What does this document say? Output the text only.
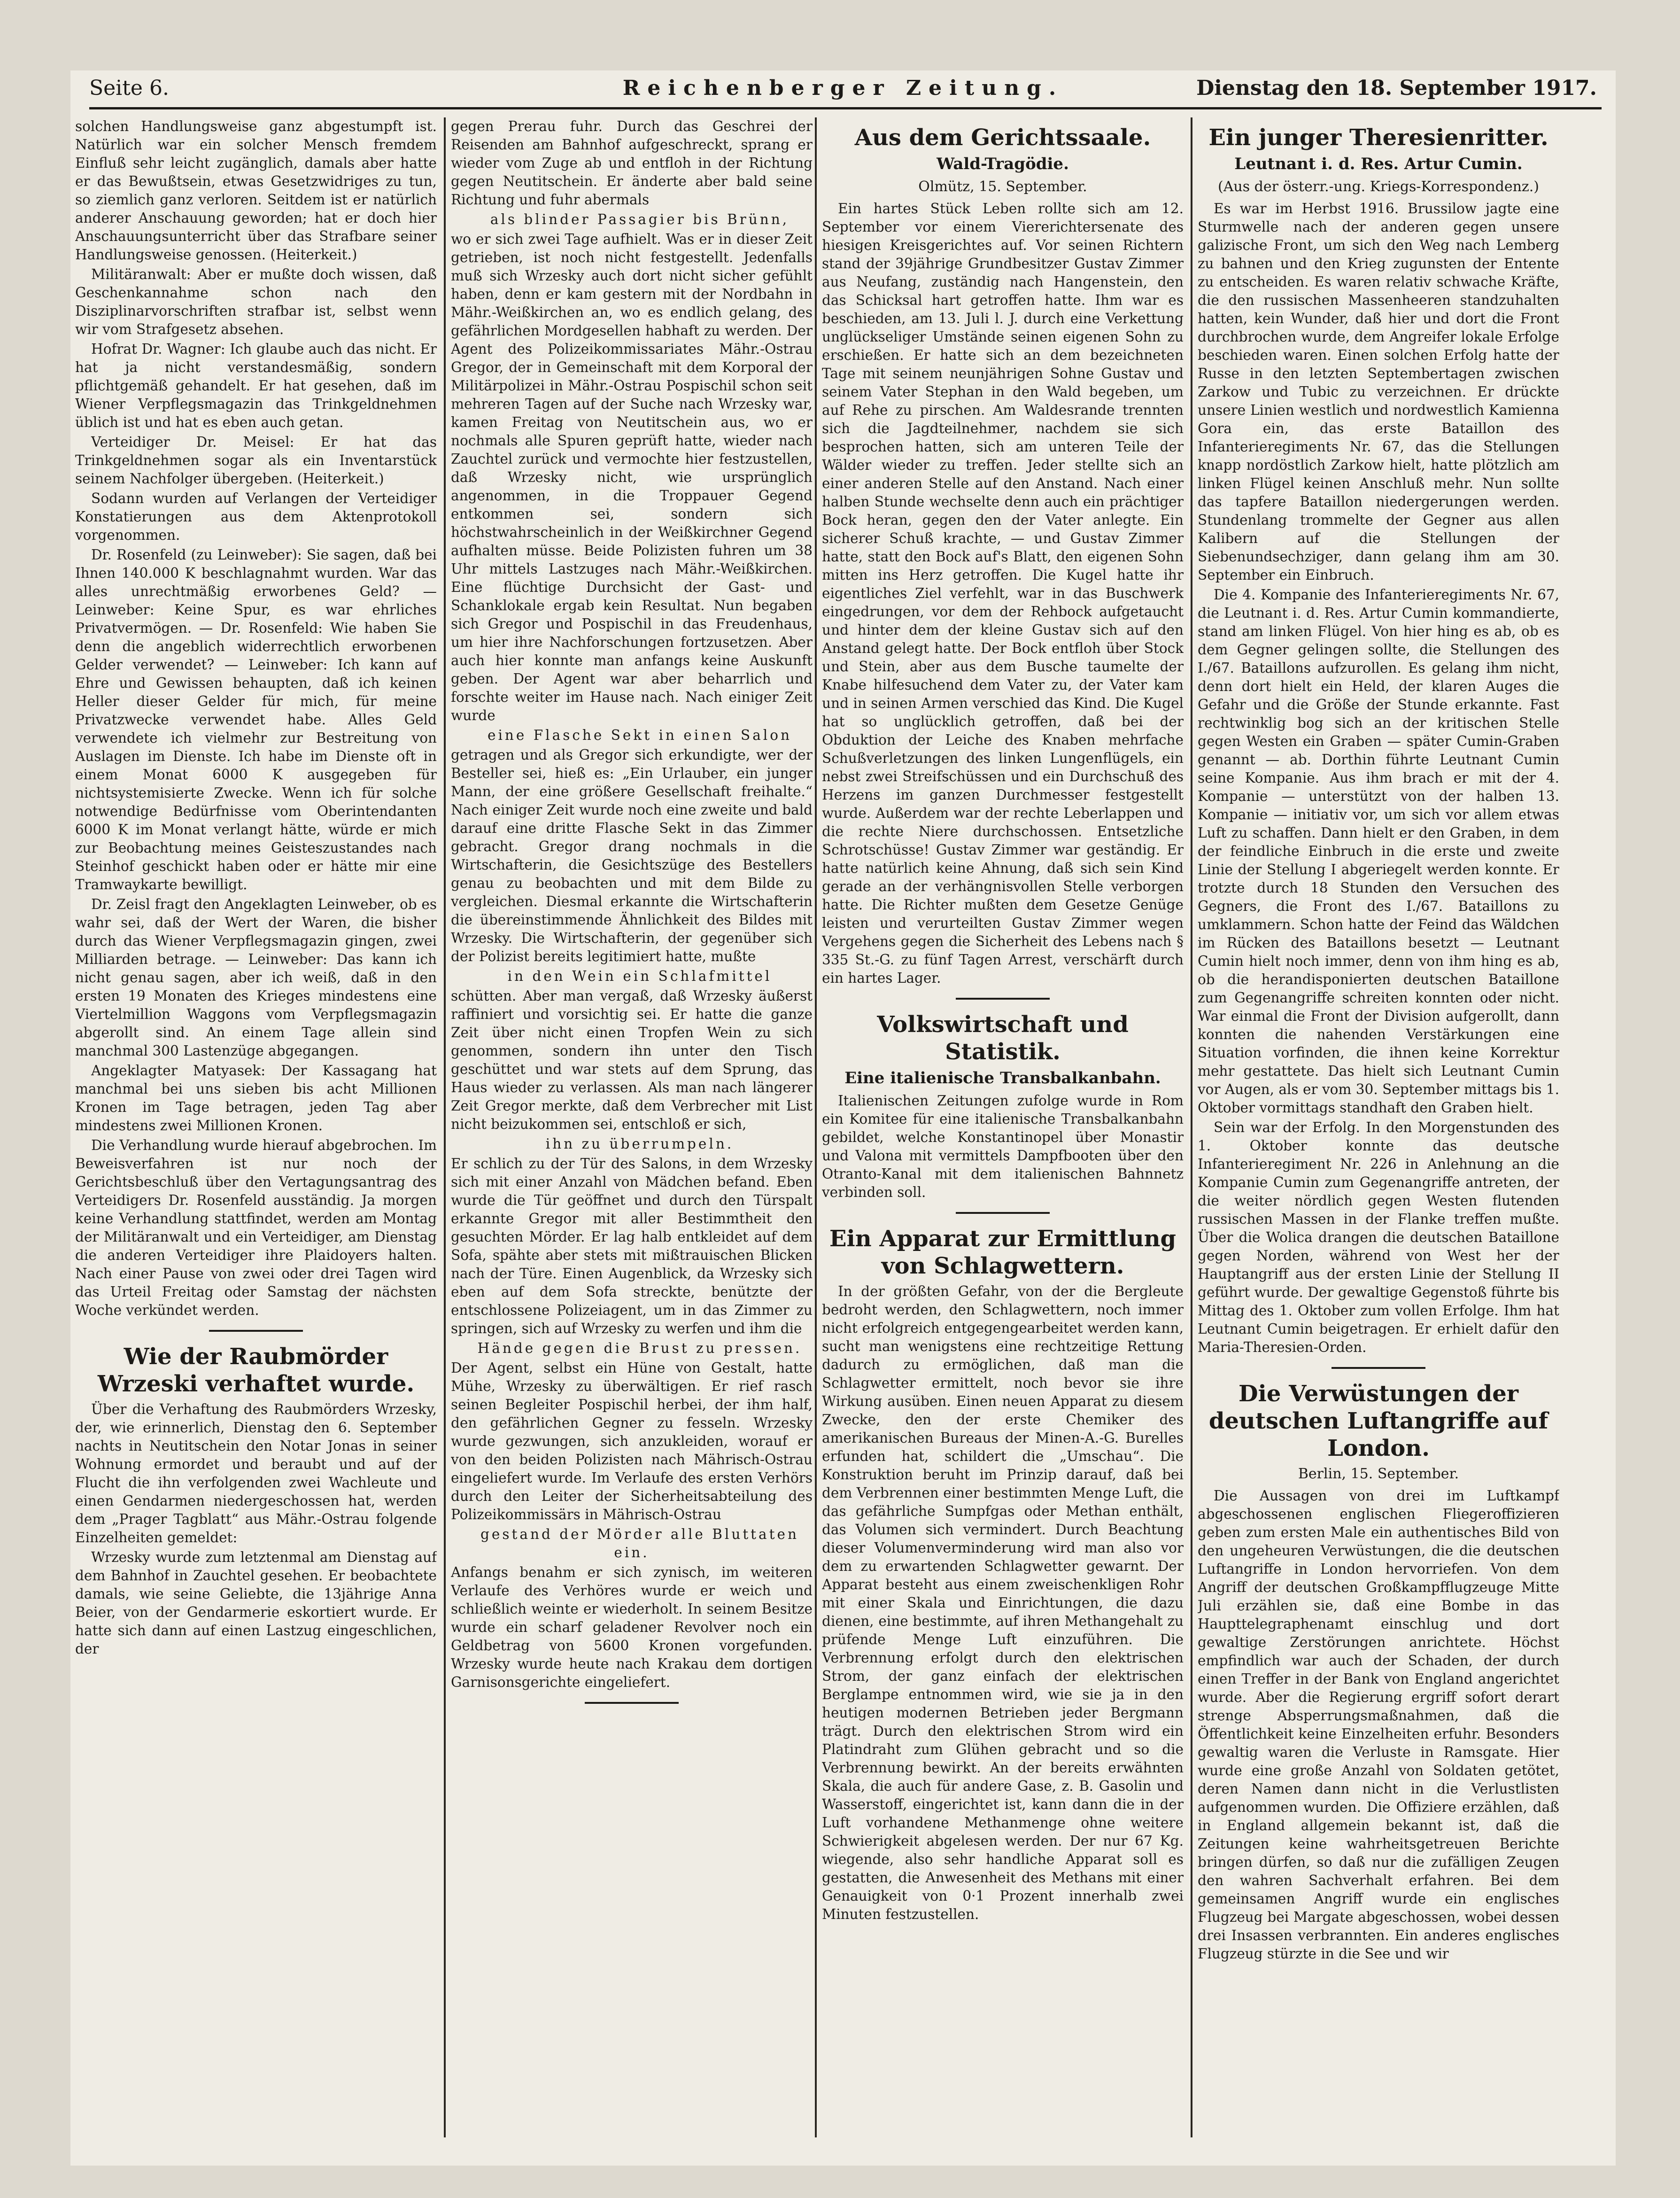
Seite 6.	Reichenberger Zeitung.	Dienstag den 18. September 1917.

solchen Handlungsweise ganz abgestumpft ist. Natürlich war ein solcher Mensch fremdem Einfluß sehr leicht zugänglich, damals aber hatte er das Bewußtsein, etwas Gesetzwidriges zu tun, so ziemlich ganz verloren. Seitdem ist er natürlich anderer Anschauung geworden; hat er doch hier Anschauungsunterricht über das Strafbare seiner Handlungsweise genossen. (Heiterkeit.)

Militäranwalt: Aber er mußte doch wissen, daß Geschenkannahme schon nach den Disziplinarvorschriften strafbar ist, selbst wenn wir vom Strafgesetz absehen.

Hofrat Dr. Wagner: Ich glaube auch das nicht. Er hat ja nicht verstandesmäßig, sondern pflichtgemäß gehandelt. Er hat gesehen, daß im Wiener Verpflegsmagazin das Trinkgeldnehmen üblich ist und hat es eben auch getan.

Verteidiger Dr. Meisel: Er hat das Trinkgeldnehmen sogar als ein Inventarstück seinem Nachfolger übergeben. (Heiterkeit.)

Sodann wurden auf Verlangen der Verteidiger Konstatierungen aus dem Aktenprotokoll vorgenommen.

Dr. Rosenfeld (zu Leinweber): Sie sagen, daß bei Ihnen 140.000 K beschlagnahmt wurden. War das alles unrechtmäßig erworbenes Geld? — Leinweber: Keine Spur, es war ehrliches Privatvermögen. — Dr. Rosenfeld: Wie haben Sie denn die angeblich widerrechtlich erworbenen Gelder verwendet? — Leinweber: Ich kann auf Ehre und Gewissen behaupten, daß ich keinen Heller dieser Gelder für mich, für meine Privatzwecke verwendet habe. Alles Geld verwendete ich vielmehr zur Bestreitung von Auslagen im Dienste. Ich habe im Dienste oft in einem Monat 6000 K ausgegeben für nichtsystemisierte Zwecke. Wenn ich für solche notwendige Bedürfnisse vom Oberintendanten 6000 K im Monat verlangt hätte, würde er mich zur Beobachtung meines Geisteszustandes nach Steinhof geschickt haben oder er hätte mir eine Tramwaykarte bewilligt.

Dr. Zeisl fragt den Angeklagten Leinweber, ob es wahr sei, daß der Wert der Waren, die bisher durch das Wiener Verpflegsmagazin gingen, zwei Milliarden betrage. — Leinweber: Das kann ich nicht genau sagen, aber ich weiß, daß in den ersten 19 Monaten des Krieges mindestens eine Viertelmillion Waggons vom Verpflegsmagazin abgerollt sind. An einem Tage allein sind manchmal 300 Lastenzüge abgegangen.

Angeklagter Matyasek: Der Kassagang hat manchmal bei uns sieben bis acht Millionen Kronen im Tage betragen, jeden Tag aber mindestens zwei Millionen Kronen.

Die Verhandlung wurde hierauf abgebrochen. Im Beweisverfahren ist nur noch der Gerichtsbeschluß über den Vertagungsantrag des Verteidigers Dr. Rosenfeld ausständig. Ja morgen keine Verhandlung stattfindet, werden am Montag der Militäranwalt und ein Verteidiger, am Dienstag die anderen Verteidiger ihre Plaidoyers halten. Nach einer Pause von zwei oder drei Tagen wird das Urteil Freitag oder Samstag der nächsten Woche verkündet werden.

Wie der Raubmörder Wrzeski verhaftet wurde.

Über die Verhaftung des Raubmörders Wrzesky, der, wie erinnerlich, Dienstag den 6. September nachts in Neutitschein den Notar Jonas in seiner Wohnung ermordet und beraubt und auf der Flucht die ihn verfolgenden zwei Wachleute und einen Gendarmen niedergeschossen hat, werden dem „Prager Tagblatt“ aus Mähr.-Ostrau folgende Einzelheiten gemeldet:

Wrzesky wurde zum letztenmal am Dienstag auf dem Bahnhof in Zauchtel gesehen. Er beobachtete damals, wie seine Geliebte, die 13jährige Anna Beier, von der Gendarmerie eskortiert wurde. Er hatte sich dann auf einen Lastzug eingeschlichen, der

gegen Prerau fuhr. Durch das Geschrei der Reisenden am Bahnhof aufgeschreckt, sprang er wieder vom Zuge ab und entfloh in der Richtung gegen Neutitschein. Er änderte aber bald seine Richtung und fuhr abermals

als blinder Passagier bis Brünn,

wo er sich zwei Tage aufhielt. Was er in dieser Zeit getrieben, ist noch nicht festgestellt. Jedenfalls muß sich Wrzesky auch dort nicht sicher gefühlt haben, denn er kam gestern mit der Nordbahn in Mähr.-Weißkirchen an, wo es endlich gelang, des gefährlichen Mordgesellen habhaft zu werden. Der Agent des Polizeikommissariates Mähr.-Ostrau Gregor, der in Gemeinschaft mit dem Korporal der Militärpolizei in Mähr.-Ostrau Pospischil schon seit mehreren Tagen auf der Suche nach Wrzesky war, kamen Freitag von Neutitschein aus, wo er nochmals alle Spuren geprüft hatte, wieder nach Zauchtel zurück und vermochte hier festzustellen, daß Wrzesky nicht, wie ursprünglich angenommen, in die Troppauer Gegend entkommen sei, sondern sich höchstwahrscheinlich in der Weißkirchner Gegend aufhalten müsse. Beide Polizisten fuhren um 38 Uhr mittels Lastzuges nach Mähr.-Weißkirchen. Eine flüchtige Durchsicht der Gast- und Schanklokale ergab kein Resultat. Nun begaben sich Gregor und Pospischil in das Freudenhaus, um hier ihre Nachforschungen fortzusetzen. Aber auch hier konnte man anfangs keine Auskunft geben. Der Agent war aber beharrlich und forschte weiter im Hause nach. Nach einiger Zeit wurde

eine Flasche Sekt in einen Salon

getragen und als Gregor sich erkundigte, wer der Besteller sei, hieß es: „Ein Urlauber, ein junger Mann, der eine größere Gesellschaft freihalte.“ Nach einiger Zeit wurde noch eine zweite und bald darauf eine dritte Flasche Sekt in das Zimmer gebracht. Gregor drang nochmals in die Wirtschafterin, die Gesichtszüge des Bestellers genau zu beobachten und mit dem Bilde zu vergleichen. Diesmal erkannte die Wirtschafterin die übereinstimmende Ähnlichkeit des Bildes mit Wrzesky. Die Wirtschafterin, der gegenüber sich der Polizist bereits legitimiert hatte, mußte

in den Wein ein Schlafmittel

schütten. Aber man vergaß, daß Wrzesky äußerst raffiniert und vorsichtig sei. Er hatte die ganze Zeit über nicht einen Tropfen Wein zu sich genommen, sondern ihn unter den Tisch geschüttet und war stets auf dem Sprung, das Haus wieder zu verlassen. Als man nach längerer Zeit Gregor merkte, daß dem Verbrecher mit List nicht beizukommen sei, entschloß er sich,

ihn zu überrumpeln.

Er schlich zu der Tür des Salons, in dem Wrzesky sich mit einer Anzahl von Mädchen befand. Eben wurde die Tür geöffnet und durch den Türspalt erkannte Gregor mit aller Bestimmtheit den gesuchten Mörder. Er lag halb entkleidet auf dem Sofa, spähte aber stets mit mißtrauischen Blicken nach der Türe. Einen Augenblick, da Wrzesky sich eben auf dem Sofa streckte, benützte der entschlossene Polizeiagent, um in das Zimmer zu springen, sich auf Wrzesky zu werfen und ihm die

Hände gegen die Brust zu pressen.

Der Agent, selbst ein Hüne von Gestalt, hatte Mühe, Wrzesky zu überwältigen. Er rief rasch seinen Begleiter Pospischil herbei, der ihm half, den gefährlichen Gegner zu fesseln. Wrzesky wurde gezwungen, sich anzukleiden, worauf er von den beiden Polizisten nach Mährisch-Ostrau eingeliefert wurde. Im Verlaufe des ersten Verhörs durch den Leiter der Sicherheitsabteilung des Polizeikommissärs in Mährisch-Ostrau

gestand der Mörder alle Bluttaten ein.

Anfangs benahm er sich zynisch, im weiteren Verlaufe des Verhöres wurde er weich und schließlich weinte er wiederholt. In seinem Besitze wurde ein scharf geladener Revolver noch ein Geldbetrag von 5600 Kronen vorgefunden. Wrzesky wurde heute nach Krakau dem dortigen Garnisonsgerichte eingeliefert.

Aus dem Gerichtssaale.
Wald-Tragödie.
Olmütz, 15. September.

Ein hartes Stück Leben rollte sich am 12. September vor einem Viererichtersenate des hiesigen Kreisgerichtes auf. Vor seinen Richtern stand der 39jährige Grundbesitzer Gustav Zimmer aus Neufang, zuständig nach Hangenstein, den das Schicksal hart getroffen hatte. Ihm war es beschieden, am 13. Juli l. J. durch eine Verkettung unglückseliger Umstände seinen eigenen Sohn zu erschießen. Er hatte sich an dem bezeichneten Tage mit seinem neunjährigen Sohne Gustav und seinem Vater Stephan in den Wald begeben, um auf Rehe zu pirschen. Am Waldesrande trennten sich die Jagdteilnehmer, nachdem sie sich besprochen hatten, sich am unteren Teile der Wälder wieder zu treffen. Jeder stellte sich an einer anderen Stelle auf den Anstand. Nach einer halben Stunde wechselte denn auch ein prächtiger Bock heran, gegen den der Vater anlegte. Ein sicherer Schuß krachte, — und Gustav Zimmer hatte, statt den Bock auf's Blatt, den eigenen Sohn mitten ins Herz getroffen. Die Kugel hatte ihr eigentliches Ziel verfehlt, war in das Buschwerk eingedrungen, vor dem der Rehbock aufgetaucht und hinter dem der kleine Gustav sich auf den Anstand gelegt hatte. Der Bock entfloh über Stock und Stein, aber aus dem Busche taumelte der Knabe hilfesuchend dem Vater zu, der Vater kam und in seinen Armen verschied das Kind. Die Kugel hat so unglücklich getroffen, daß bei der Obduktion der Leiche des Knaben mehrfache Schußverletzungen des linken Lungenflügels, ein nebst zwei Streifschüssen und ein Durchschuß des Herzens im ganzen Durchmesser festgestellt wurde. Außerdem war der rechte Leberlappen und die rechte Niere durchschossen. Entsetzliche Schrotschüsse! Gustav Zimmer war geständig. Er hatte natürlich keine Ahnung, daß sich sein Kind gerade an der verhängnisvollen Stelle verborgen hatte. Die Richter mußten dem Gesetze Genüge leisten und verurteilten Gustav Zimmer wegen Vergehens gegen die Sicherheit des Lebens nach § 335 St.-G. zu fünf Tagen Arrest, verschärft durch ein hartes Lager.

Volkswirtschaft und Statistik.
Eine italienische Transbalkanbahn.

Italienischen Zeitungen zufolge wurde in Rom ein Komitee für eine italienische Transbalkanbahn gebildet, welche Konstantinopel über Monastir und Valona mit vermittels Dampfbooten über den Otranto-Kanal mit dem italienischen Bahnnetz verbinden soll.

Ein Apparat zur Ermittlung von Schlagwettern.

In der größten Gefahr, von der die Bergleute bedroht werden, den Schlagwettern, noch immer nicht erfolgreich entgegengearbeitet werden kann, sucht man wenigstens eine rechtzeitige Rettung dadurch zu ermöglichen, daß man die Schlagwetter ermittelt, noch bevor sie ihre Wirkung ausüben. Einen neuen Apparat zu diesem Zwecke, den der erste Chemiker des amerikanischen Bureaus der Minen-A.-G. Burelles erfunden hat, schildert die „Umschau“. Die Konstruktion beruht im Prinzip darauf, daß bei dem Verbrennen einer bestimmten Menge Luft, die das gefährliche Sumpfgas oder Methan enthält, das Volumen sich vermindert. Durch Beachtung dieser Volumenverminderung wird man also vor dem zu erwartenden Schlagwetter gewarnt. Der Apparat besteht aus einem zweischenkligen Rohr mit einer Skala und Einrichtungen, die dazu dienen, eine bestimmte, auf ihren Methangehalt zu prüfende Menge Luft einzuführen. Die Verbrennung erfolgt durch den elektrischen Strom, der ganz einfach der elektrischen Berglampe entnommen wird, wie sie ja in den heutigen modernen Betrieben jeder Bergmann trägt. Durch den elektrischen Strom wird ein Platindraht zum Glühen gebracht und so die Verbrennung bewirkt. An der bereits erwähnten Skala, die auch für andere Gase, z. B. Gasolin und Wasserstoff, eingerichtet ist, kann dann die in der Luft vorhandene Methanmenge ohne weitere Schwierigkeit abgelesen werden. Der nur 67 Kg. wiegende, also sehr handliche Apparat soll es gestatten, die Anwesenheit des Methans mit einer Genauigkeit von 0·1 Prozent innerhalb zwei Minuten festzustellen.

Ein junger Theresienritter.
Leutnant i. d. Res. Artur Cumin.
(Aus der österr.-ung. Kriegs-Korrespondenz.)

Es war im Herbst 1916. Brussilow jagte eine Sturmwelle nach der anderen gegen unsere galizische Front, um sich den Weg nach Lemberg zu bahnen und den Krieg zugunsten der Entente zu entscheiden. Es waren relativ schwache Kräfte, die den russischen Massenheeren standzuhalten hatten, kein Wunder, daß hier und dort die Front durchbrochen wurde, dem Angreifer lokale Erfolge beschieden waren. Einen solchen Erfolg hatte der Russe in den letzten Septembertagen zwischen Zarkow und Tubic zu verzeichnen. Er drückte unsere Linien westlich und nordwestlich Kamienna Gora ein, das erste Bataillon des Infanterieregiments Nr. 67, das die Stellungen knapp nordöstlich Zarkow hielt, hatte plötzlich am linken Flügel keinen Anschluß mehr. Nun sollte das tapfere Bataillon niedergerungen werden. Stundenlang trommelte der Gegner aus allen Kalibern auf die Stellungen der Siebenundsechziger, dann gelang ihm am 30. September ein Einbruch.

Die 4. Kompanie des Infanterieregiments Nr. 67, die Leutnant i. d. Res. Artur Cumin kommandierte, stand am linken Flügel. Von hier hing es ab, ob es dem Gegner gelingen sollte, die Stellungen des I./67. Bataillons aufzurollen. Es gelang ihm nicht, denn dort hielt ein Held, der klaren Auges die Gefahr und die Größe der Stunde erkannte. Fast rechtwinklig bog sich an der kritischen Stelle gegen Westen ein Graben — später Cumin-Graben genannt — ab. Dorthin führte Leutnant Cumin seine Kompanie. Aus ihm brach er mit der 4. Kompanie — unterstützt von der halben 13. Kompanie — initiativ vor, um sich vor allem etwas Luft zu schaffen. Dann hielt er den Graben, in dem der feindliche Einbruch in die erste und zweite Linie der Stellung I abgeriegelt werden konnte. Er trotzte durch 18 Stunden den Versuchen des Gegners, die Front des I./67. Bataillons zu umklammern. Schon hatte der Feind das Wäldchen im Rücken des Bataillons besetzt — Leutnant Cumin hielt noch immer, denn von ihm hing es ab, ob die herandisponierten deutschen Bataillone zum Gegenangriffe schreiten konnten oder nicht. War einmal die Front der Division aufgerollt, dann konnten die nahenden Verstärkungen eine Situation vorfinden, die ihnen keine Korrektur mehr gestattete. Das hielt sich Leutnant Cumin vor Augen, als er vom 30. September mittags bis 1. Oktober vormittags standhaft den Graben hielt.

Sein war der Erfolg. In den Morgenstunden des 1. Oktober konnte das deutsche Infanterieregiment Nr. 226 in Anlehnung an die Kompanie Cumin zum Gegenangriffe antreten, der die weiter nördlich gegen Westen flutenden russischen Massen in der Flanke treffen mußte. Über die Wolica drangen die deutschen Bataillone gegen Norden, während von West her der Hauptangriff aus der ersten Linie der Stellung II geführt wurde. Der gewaltige Gegenstoß führte bis Mittag des 1. Oktober zum vollen Erfolge. Ihm hat Leutnant Cumin beigetragen. Er erhielt dafür den Maria-Theresien-Orden.

Die Verwüstungen der deutschen Luftangriffe auf London.
Berlin, 15. September.

Die Aussagen von drei im Luftkampf abgeschossenen englischen Fliegeroffizieren geben zum ersten Male ein authentisches Bild von den ungeheuren Verwüstungen, die die deutschen Luftangriffe in London hervorriefen. Von dem Angriff der deutschen Großkampfflugzeuge Mitte Juli erzählen sie, daß eine Bombe in das Haupttelegraphenamt einschlug und dort gewaltige Zerstörungen anrichtete. Höchst empfindlich war auch der Schaden, der durch einen Treffer in der Bank von England angerichtet wurde. Aber die Regierung ergriff sofort derart strenge Absperrungsmaßnahmen, daß die Öffentlichkeit keine Einzelheiten erfuhr. Besonders gewaltig waren die Verluste in Ramsgate. Hier wurde eine große Anzahl von Soldaten getötet, deren Namen dann nicht in die Verlustlisten aufgenommen wurden. Die Offiziere erzählen, daß in England allgemein bekannt ist, daß die Zeitungen keine wahrheitsgetreuen Berichte bringen dürfen, so daß nur die zufälligen Zeugen den wahren Sachverhalt erfahren. Bei dem gemeinsamen Angriff wurde ein englisches Flugzeug bei Margate abgeschossen, wobei dessen drei Insassen verbrannten. Ein anderes englisches Flugzeug stürzte in die See und wir
